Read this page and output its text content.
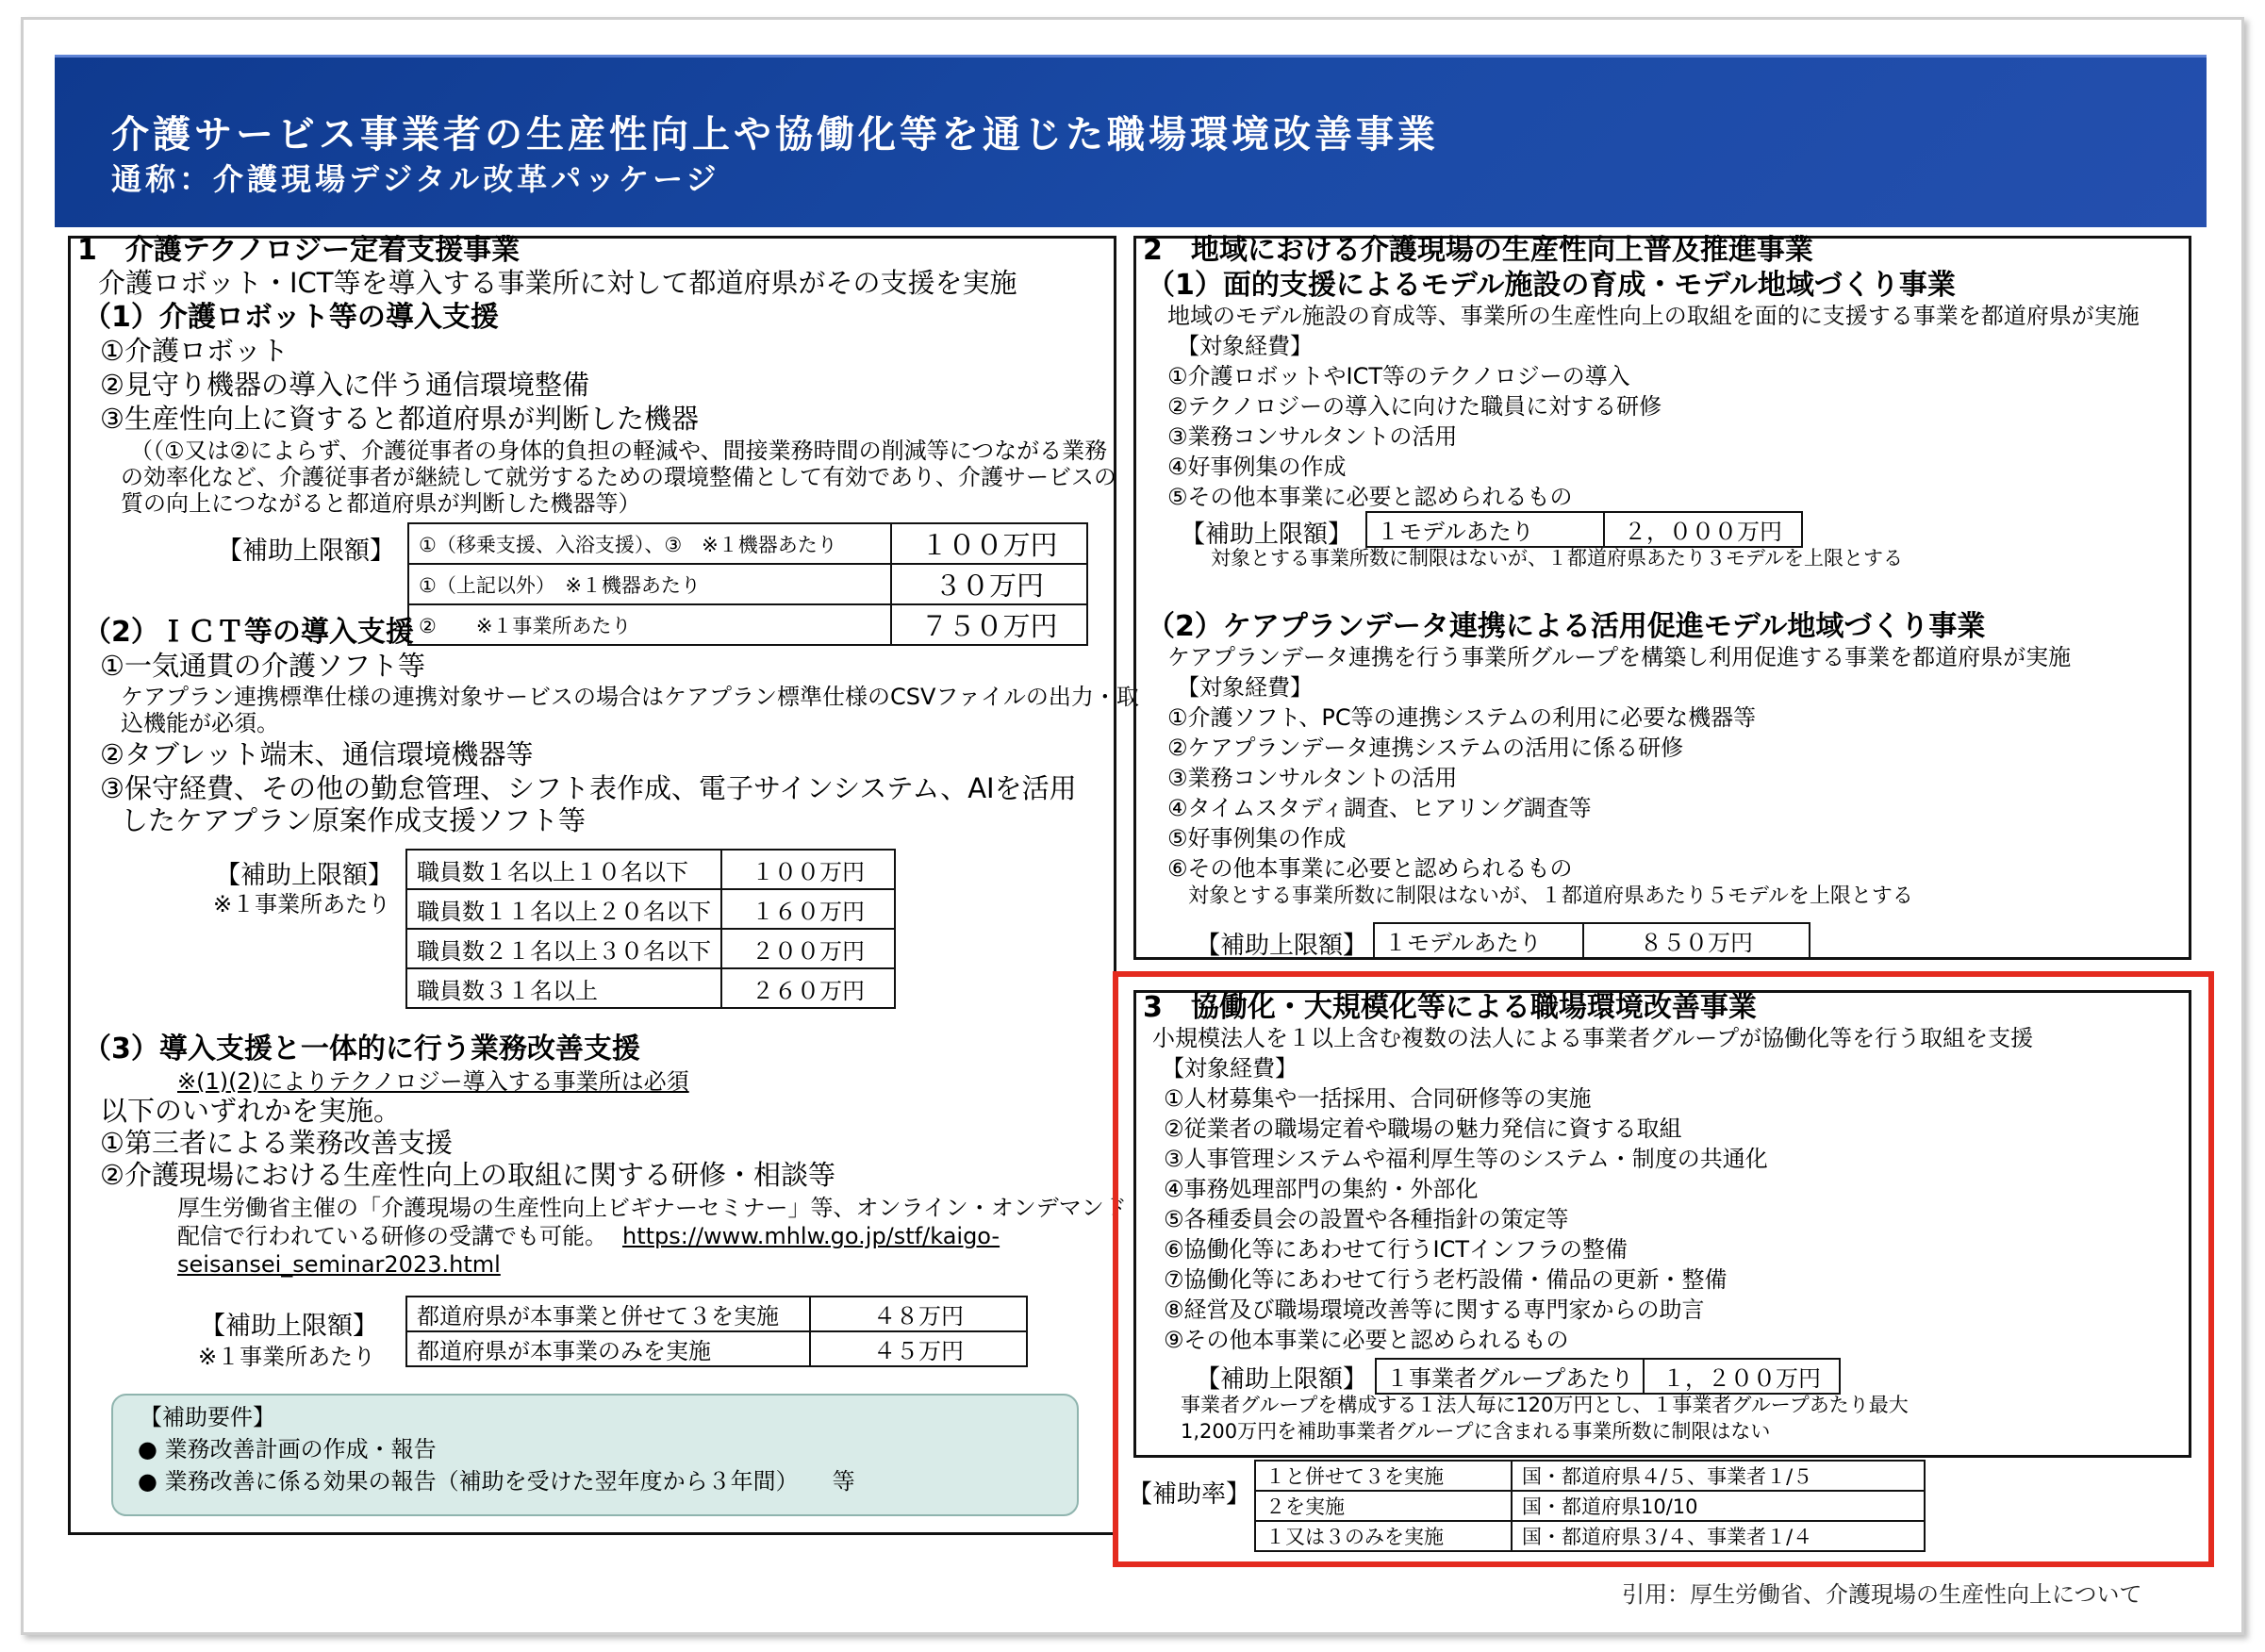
介護サービス事業者の生産性向上や協働化等を通じた職場環境改善事業
通称：介護現場デジタル改革パッケージ
1　介護テクノロジー定着支援事業
介護ロボット・ICT等を導入する事業所に対して都道府県がその支援を実施
（1）介護ロボット等の導入支援
①介護ロボット
②見守り機器の導入に伴う通信環境整備
③生産性向上に資すると都道府県が判断した機器
（（①又は②によらず、介護従事者の身体的負担の軽減や、間接業務時間の削減等につながる業務
の効率化など、介護従事者が継続して就労するための環境整備として有効であり、介護サービスの
質の向上につながると都道府県が判断した機器等）
【補助上限額】 ①（移乗支援、入浴支援）、③　※１機器あたり	１００万円
①（上記以外）　※１機器あたり	３０万円
②　　※１事業所あたり	７５０万円
（2）ＩＣＴ等の導入支援
①一気通貫の介護ソフト等
ケアプラン連携標準仕様の連携対象サービスの場合はケアプラン標準仕様のCSVファイルの出力・取
込機能が必須。
②タブレット端末、通信環境機器等
③保守経費、その他の勤怠管理、シフト表作成、電子サインシステム、AIを活用
したケアプラン原案作成支援ソフト等
【補助上限額】
※１事業所あたり
職員数１名以上１０名以下	１００万円
職員数１１名以上２０名以下	１６０万円
職員数２１名以上３０名以下	２００万円
職員数３１名以上	２６０万円
（3）導入支援と一体的に行う業務改善支援
※(1)(2)によりテクノロジー導入する事業所は必須
以下のいずれかを実施。
①第三者による業務改善支援
②介護現場における生産性向上の取組に関する研修・相談等
厚生労働省主催の「介護現場の生産性向上ビギナーセミナー」等、オンライン・オンデマンド
配信で行われている研修の受講でも可能。 https://www.mhlw.go.jp/stf/kaigo-
seisansei_seminar2023.html
【補助上限額】
※１事業所あたり
都道府県が本事業と併せて３を実施	４８万円
都道府県が本事業のみを実施	４５万円
【補助要件】
● 業務改善計画の作成・報告
● 業務改善に係る効果の報告（補助を受けた翌年度から３年間）　　等
2　地域における介護現場の生産性向上普及推進事業
（1）面的支援によるモデル施設の育成・モデル地域づくり事業
地域のモデル施設の育成等、事業所の生産性向上の取組を面的に支援する事業を都道府県が実施
【対象経費】
①介護ロボットやICT等のテクノロジーの導入
②テクノロジーの導入に向けた職員に対する研修
③業務コンサルタントの活用
④好事例集の作成
⑤その他本事業に必要と認められるもの
【補助上限額】 １モデルあたり	２，０００万円
対象とする事業所数に制限はないが、１都道府県あたり３モデルを上限とする
（2）ケアプランデータ連携による活用促進モデル地域づくり事業
ケアプランデータ連携を行う事業所グループを構築し利用促進する事業を都道府県が実施
【対象経費】
①介護ソフト、PC等の連携システムの利用に必要な機器等
②ケアプランデータ連携システムの活用に係る研修
③業務コンサルタントの活用
④タイムスタディ調査、ヒアリング調査等
⑤好事例集の作成
⑥その他本事業に必要と認められるもの
対象とする事業所数に制限はないが、１都道府県あたり５モデルを上限とする
【補助上限額】 １モデルあたり	８５０万円
3　協働化・大規模化等による職場環境改善事業
小規模法人を１以上含む複数の法人による事業者グループが協働化等を行う取組を支援
【対象経費】
①人材募集や一括採用、合同研修等の実施
②従業者の職場定着や職場の魅力発信に資する取組
③人事管理システムや福利厚生等のシステム・制度の共通化
④事務処理部門の集約・外部化
⑤各種委員会の設置や各種指針の策定等
⑥協働化等にあわせて行うICTインフラの整備
⑦協働化等にあわせて行う老朽設備・備品の更新・整備
⑧経営及び職場環境改善等に関する専門家からの助言
⑨その他本事業に必要と認められるもの
【補助上限額】 １事業者グループあたり	１，２００万円
事業者グループを構成する１法人毎に120万円とし、１事業者グループあたり最大
1,200万円を補助事業者グループに含まれる事業所数に制限はない
【補助率】
１と併せて３を実施	国・都道府県４/５、事業者１/５
２を実施	国・都道府県10/10
１又は３のみを実施	国・都道府県３/４、事業者１/４
引用：厚生労働省、介護現場の生産性向上について
